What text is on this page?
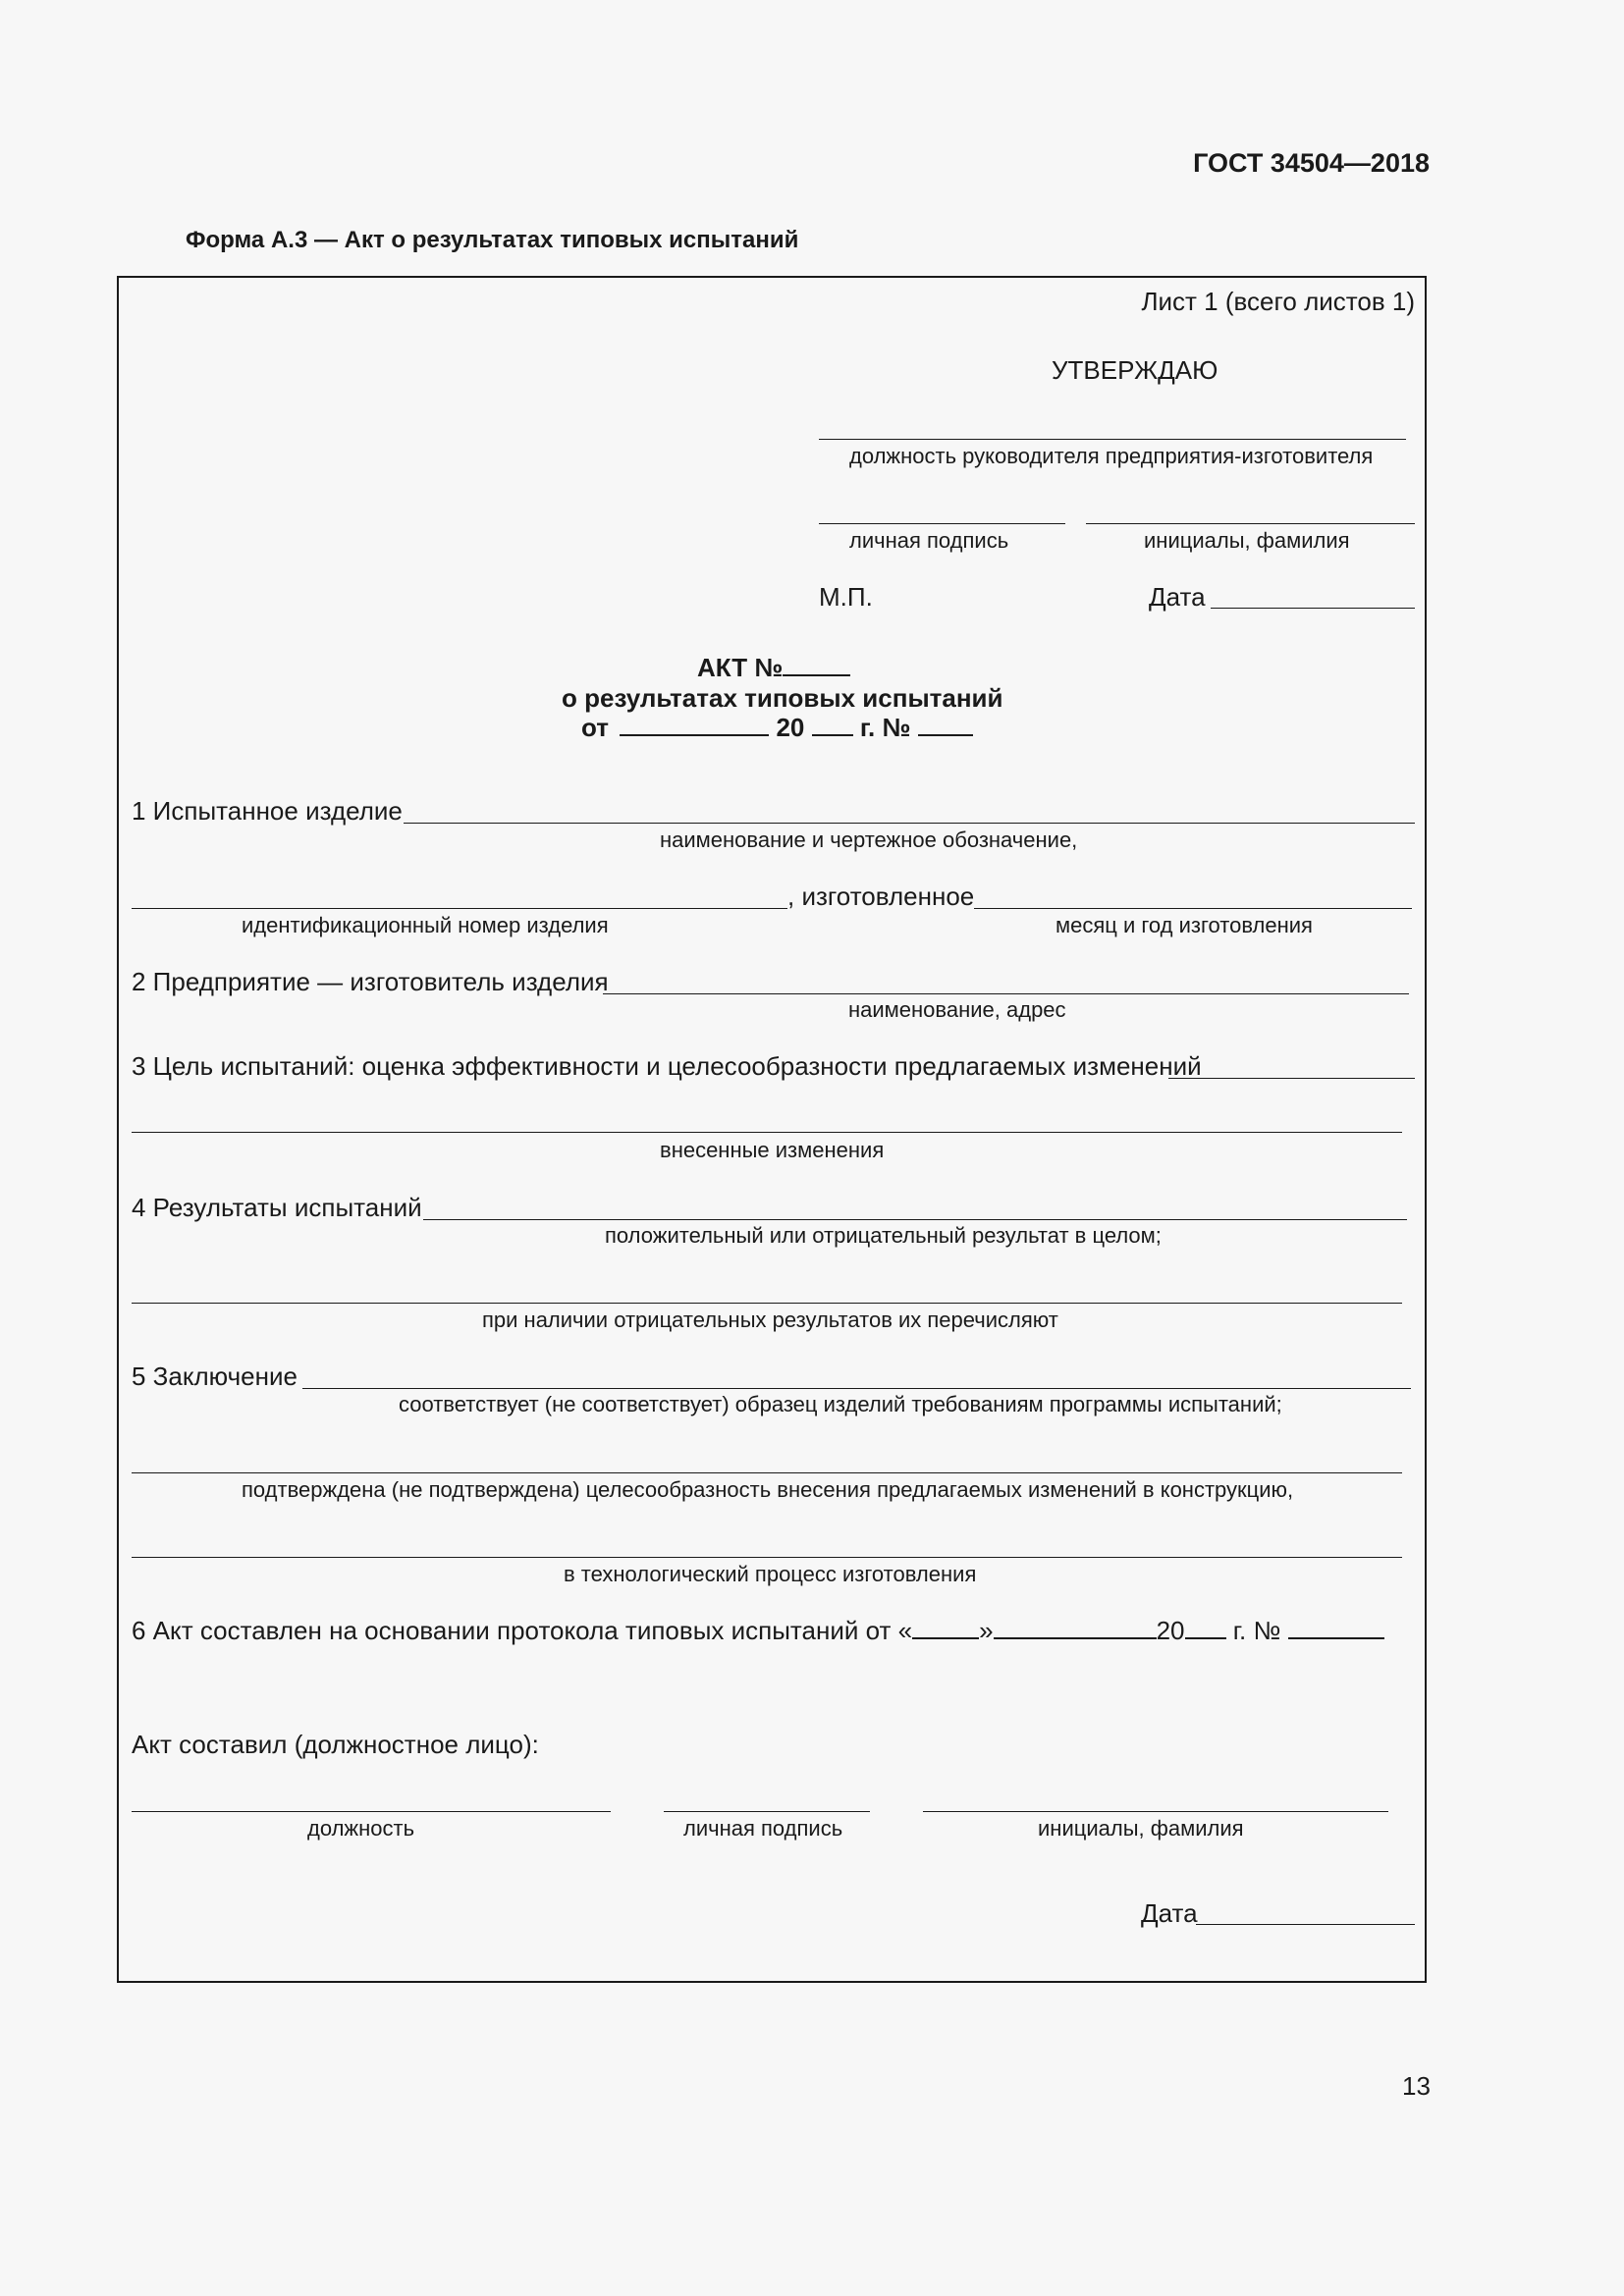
ГОСТ 34504—2018
Форма А.3 — Акт о результатах типовых испытаний
Лист 1 (всего листов 1)
УТВЕРЖДАЮ
должность руководителя предприятия-изготовителя
личная подпись	инициалы, фамилия
М.П.	Дата
АКТ №
о результатах типовых испытаний
от	20 г. №
1 Испытанное изделие
наименование и чертежное обозначение,
, изготовленное
идентификационный номер изделия	месяц и год изготовления
2 Предприятие — изготовитель изделия
наименование, адрес
3 Цель испытаний: оценка эффективности и целесообразности предлагаемых изменений
внесенные изменения
4 Результаты испытаний
положительный или отрицательный результат в целом;
при наличии отрицательных результатов их перечисляют
5 Заключение
соответствует (не соответствует) образец изделий требованиям программы испытаний;
подтверждена (не подтверждена) целесообразность внесения предлагаемых изменений в конструкцию,
в технологический процесс изготовления
6 Акт составлен на основании протокола типовых испытаний от «	»	20 г. №
Акт составил (должностное лицо):
должность	личная подпись	инициалы, фамилия
Дата
13
